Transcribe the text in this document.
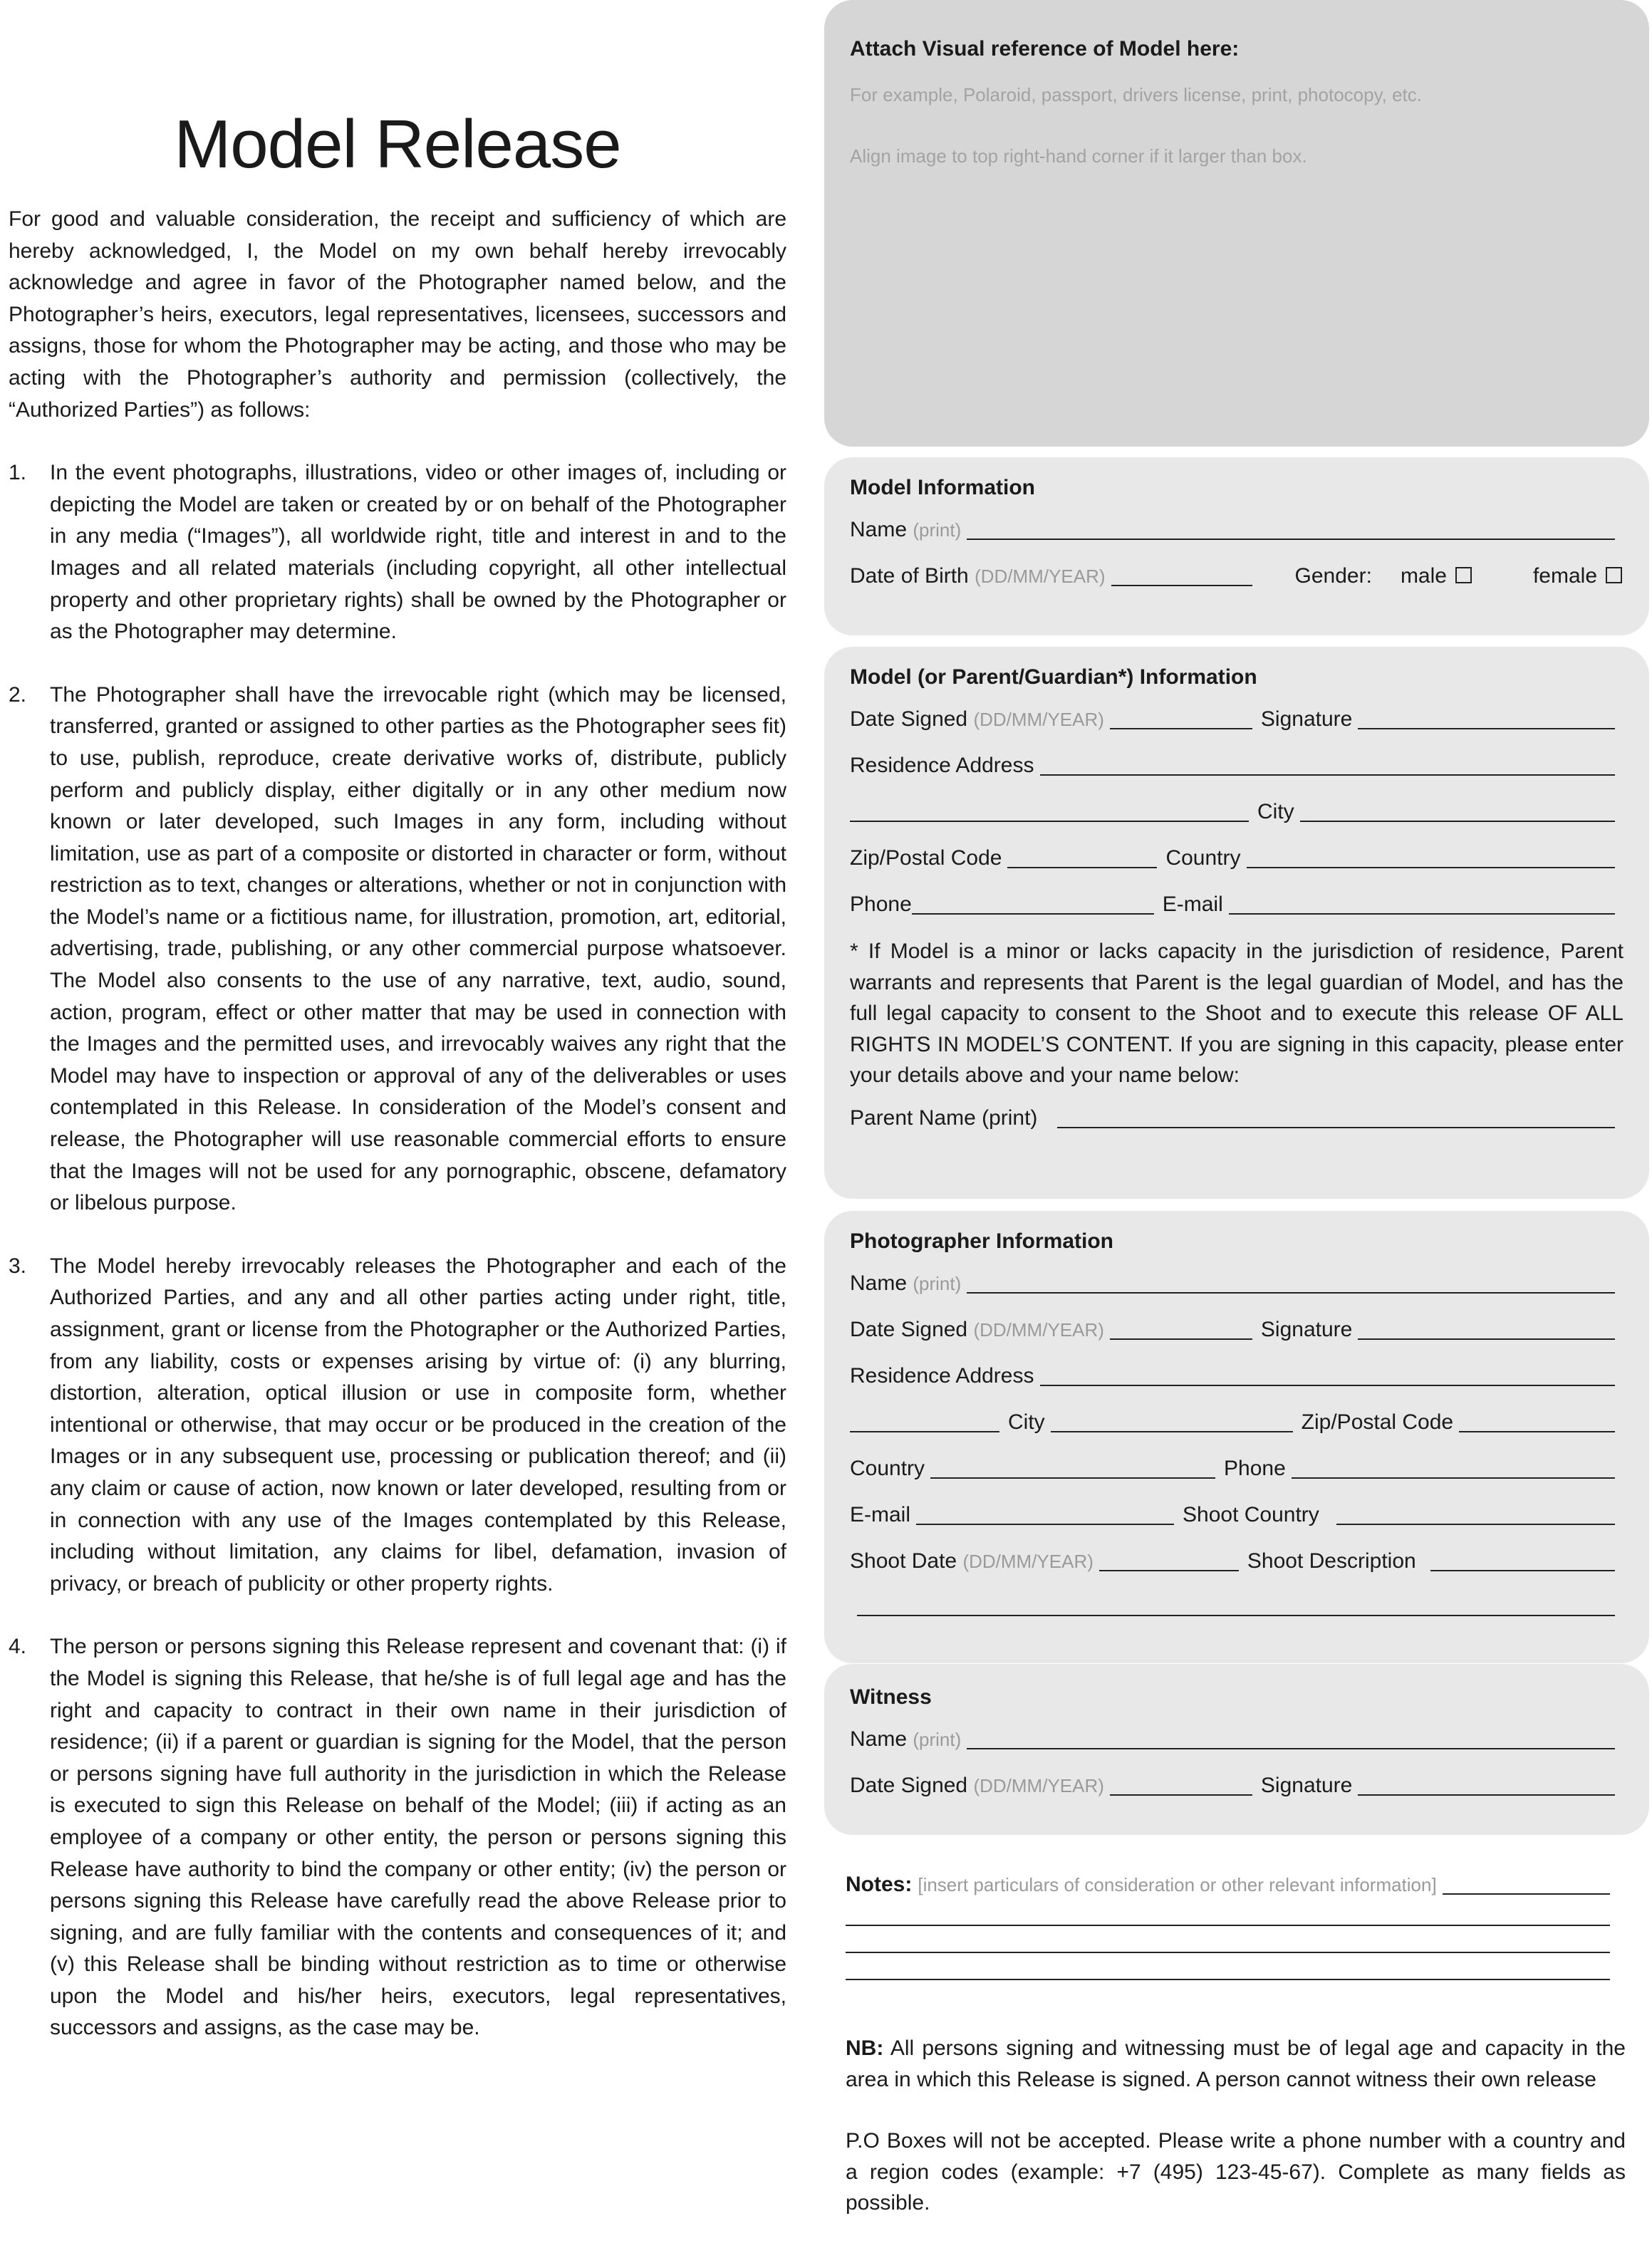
Model Release

For good and valuable consideration, the receipt and sufficiency of which are hereby acknowledged, I, the Model on my own behalf hereby irrevocably acknowledge and agree in favor of the Photographer named below, and the Photographer’s heirs, executors, legal representatives, licensees, successors and assigns, those for whom the Photographer may be acting, and those who may be acting with the Photographer’s authority and permission (collectively, the “Authorized Parties”) as follows:

1.	In the event photographs, illustrations, video or other images of, including or depicting the Model are taken or created by or on behalf of the Photographer in any media (“Images”), all worldwide right, title and interest in and to the Images and all related materials (including copyright, all other intellectual property and other proprietary rights) shall be owned by the Photographer or as the Photographer may determine.
2.	The Photographer shall have the irrevocable right (which may be licensed, transferred, granted or assigned to other parties as the Photographer sees fit) to use, publish, reproduce, create derivative works of, distribute, publicly perform and publicly display, either digitally or in any other medium now known or later developed, such Images in any form, including without limitation, use as part of a composite or distorted in character or form, without restriction as to text, changes or alterations, whether or not in conjunction with the Model’s name or a fictitious name, for illustration, promotion, art, editorial, advertising, trade, publishing, or any other commercial purpose whatsoever. The Model also consents to the use of any narrative, text, audio, sound, action, program, effect or other matter that may be used in connection with the Images and the permitted uses, and irrevocably waives any right that the Model may have to inspection or approval of any of the deliverables or uses contemplated in this Release. In consideration of the Model’s consent and release, the Photographer will use reasonable commercial efforts to ensure that the Images will not be used for any pornographic, obscene, defamatory or libelous purpose.
3.	The Model hereby irrevocably releases the Photographer and each of the Authorized Parties, and any and all other parties acting under right, title, assignment, grant or license from the Photographer or the Authorized Parties, from any liability, costs or expenses arising by virtue of: (i) any blurring, distortion, alteration, optical illusion or use in composite form, whether intentional or otherwise, that may occur or be produced in the creation of the Images or in any subsequent use, processing or publication thereof; and (ii) any claim or cause of action, now known or later developed, resulting from or in connection with any use of the Images contemplated by this Release, including without limitation, any claims for libel, defamation, invasion of privacy, or breach of publicity or other property rights.
4.	The person or persons signing this Release represent and covenant that: (i) if the Model is signing this Release, that he/she is of full legal age and has the right and capacity to contract in their own name in their jurisdiction of residence; (ii) if a parent or guardian is signing for the Model, that the person or persons signing have full authority in the jurisdiction in which the Release is executed to sign this Release on behalf of the Model; (iii) if acting as an employee of a company or other entity, the person or persons signing this Release have authority to bind the company or other entity; (iv) the person or persons signing this Release have carefully read the above Release prior to signing, and are fully familiar with the contents and consequences of it; and (v) this Release shall be binding without restriction as to time or otherwise upon the Model and his/her heirs, executors, legal representatives, successors and assigns, as the case may be.
Attach Visual reference of Model here:
For example, Polaroid, passport, drivers license, print, photocopy, etc.
Align image to top right-hand corner if it larger than box.
Model Information
Name (print)
Date of Birth (DD/MM/YEAR)	Gender: male	female
Model (or Parent/Guardian*) Information
Date Signed (DD/MM/YEAR)	Signature
Residence Address
City
Zip/Postal Code	Country
Phone	E-mail
* If Model is a minor or lacks capacity in the jurisdiction of residence, Parent warrants and represents that Parent is the legal guardian of Model, and has the full legal capacity to consent to the Shoot and to execute this release OF ALL RIGHTS IN MODEL’S CONTENT. If you are signing in this capacity, please enter your details above and your name below:
Parent Name (print)
Photographer Information
Name (print)
Date Signed (DD/MM/YEAR)	Signature
Residence Address
City	Zip/Postal Code
Country	Phone
E-mail	Shoot Country
Shoot Date (DD/MM/YEAR)	Shoot Description
Witness
Name (print)
Date Signed (DD/MM/YEAR)	Signature
Notes: [insert particulars of consideration or other relevant information]
NB: All persons signing and witnessing must be of legal age and capacity in the area in which this Release is signed. A person cannot witness their own release
P.O Boxes will not be accepted. Please write a phone number with a country and a region codes (example: +7 (495) 123-45-67). Complete as many fields as possible.
